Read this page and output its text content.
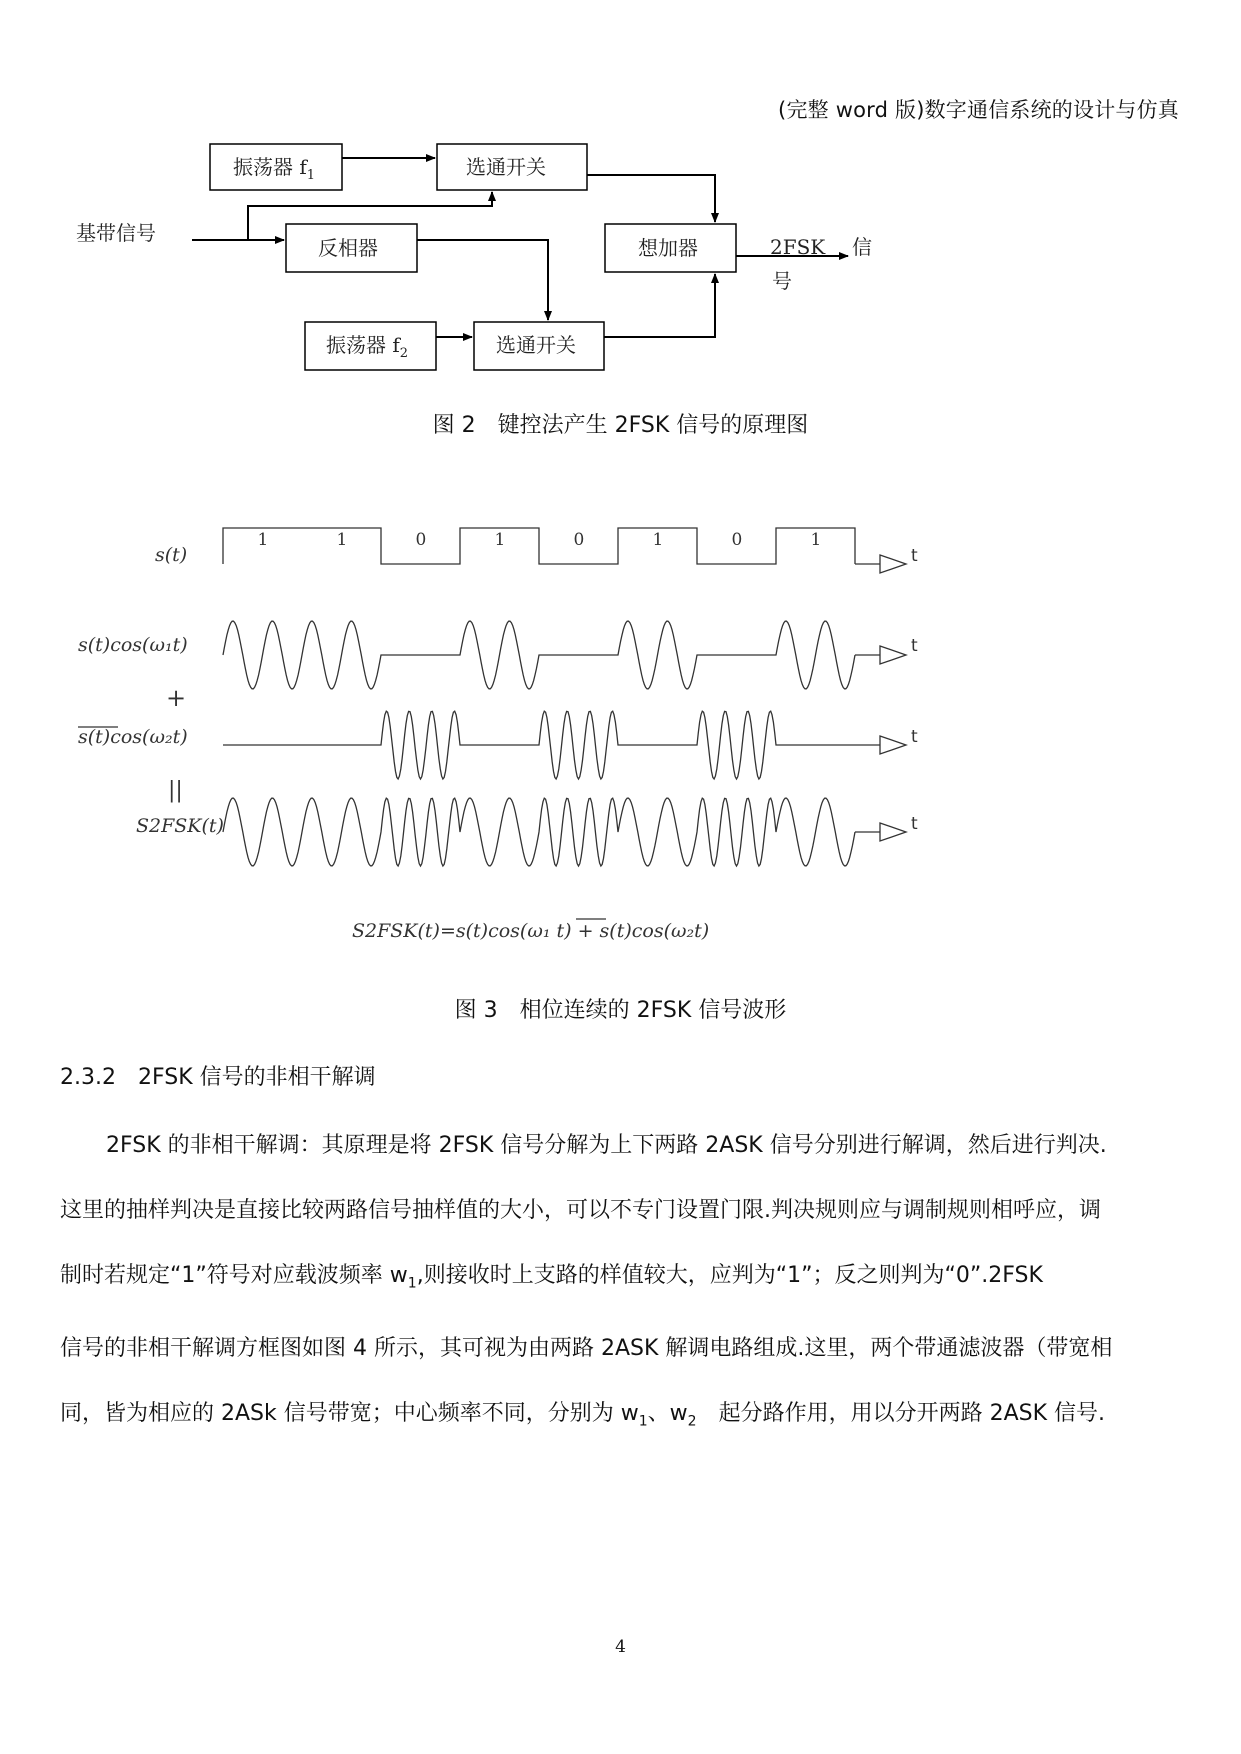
(完整 word 版)数字通信系统的设计与仿真
基带信号
振荡器 $f_1$	选通开关
反相器	想加器
振荡器 $f_2$	选通开关
2FSK 信
号
图 2　键控法产生 2FSK 信号的原理图
1	1	0	1	0	1	0	1
s(t)
s(t)cos(ω₁t)
+
s(t)cos(ω₂t)
||
S2FSK(t)
S2FSK(t)=s(t)cos(ω₁ t) + s(t)cos(ω₂t)
t
t
t
t
图 3　相位连续的 2FSK 信号波形
2.3.2　2FSK 信号的非相干解调

2FSK 的非相干解调：其原理是将 2FSK 信号分解为上下两路 2ASK 信号分别进行解调，然后进行判决.

这里的抽样判决是直接比较两路信号抽样值的大小，可以不专门设置门限.判决规则应与调制规则相呼应，调

制时若规定“1”符号对应载波频率 $w_1$,则接收时上支路的样值较大，应判为“1”；反之则判为“0”.2FSK

信号的非相干解调方框图如图 4 所示，其可视为由两路 2ASK 解调电路组成.这里，两个带通滤波器（带宽相

同，皆为相应的 2ASk 信号带宽；中心频率不同，分别为 $w_1$、$w_2$　起分路作用，用以分开两路 2ASK 信号.

4
